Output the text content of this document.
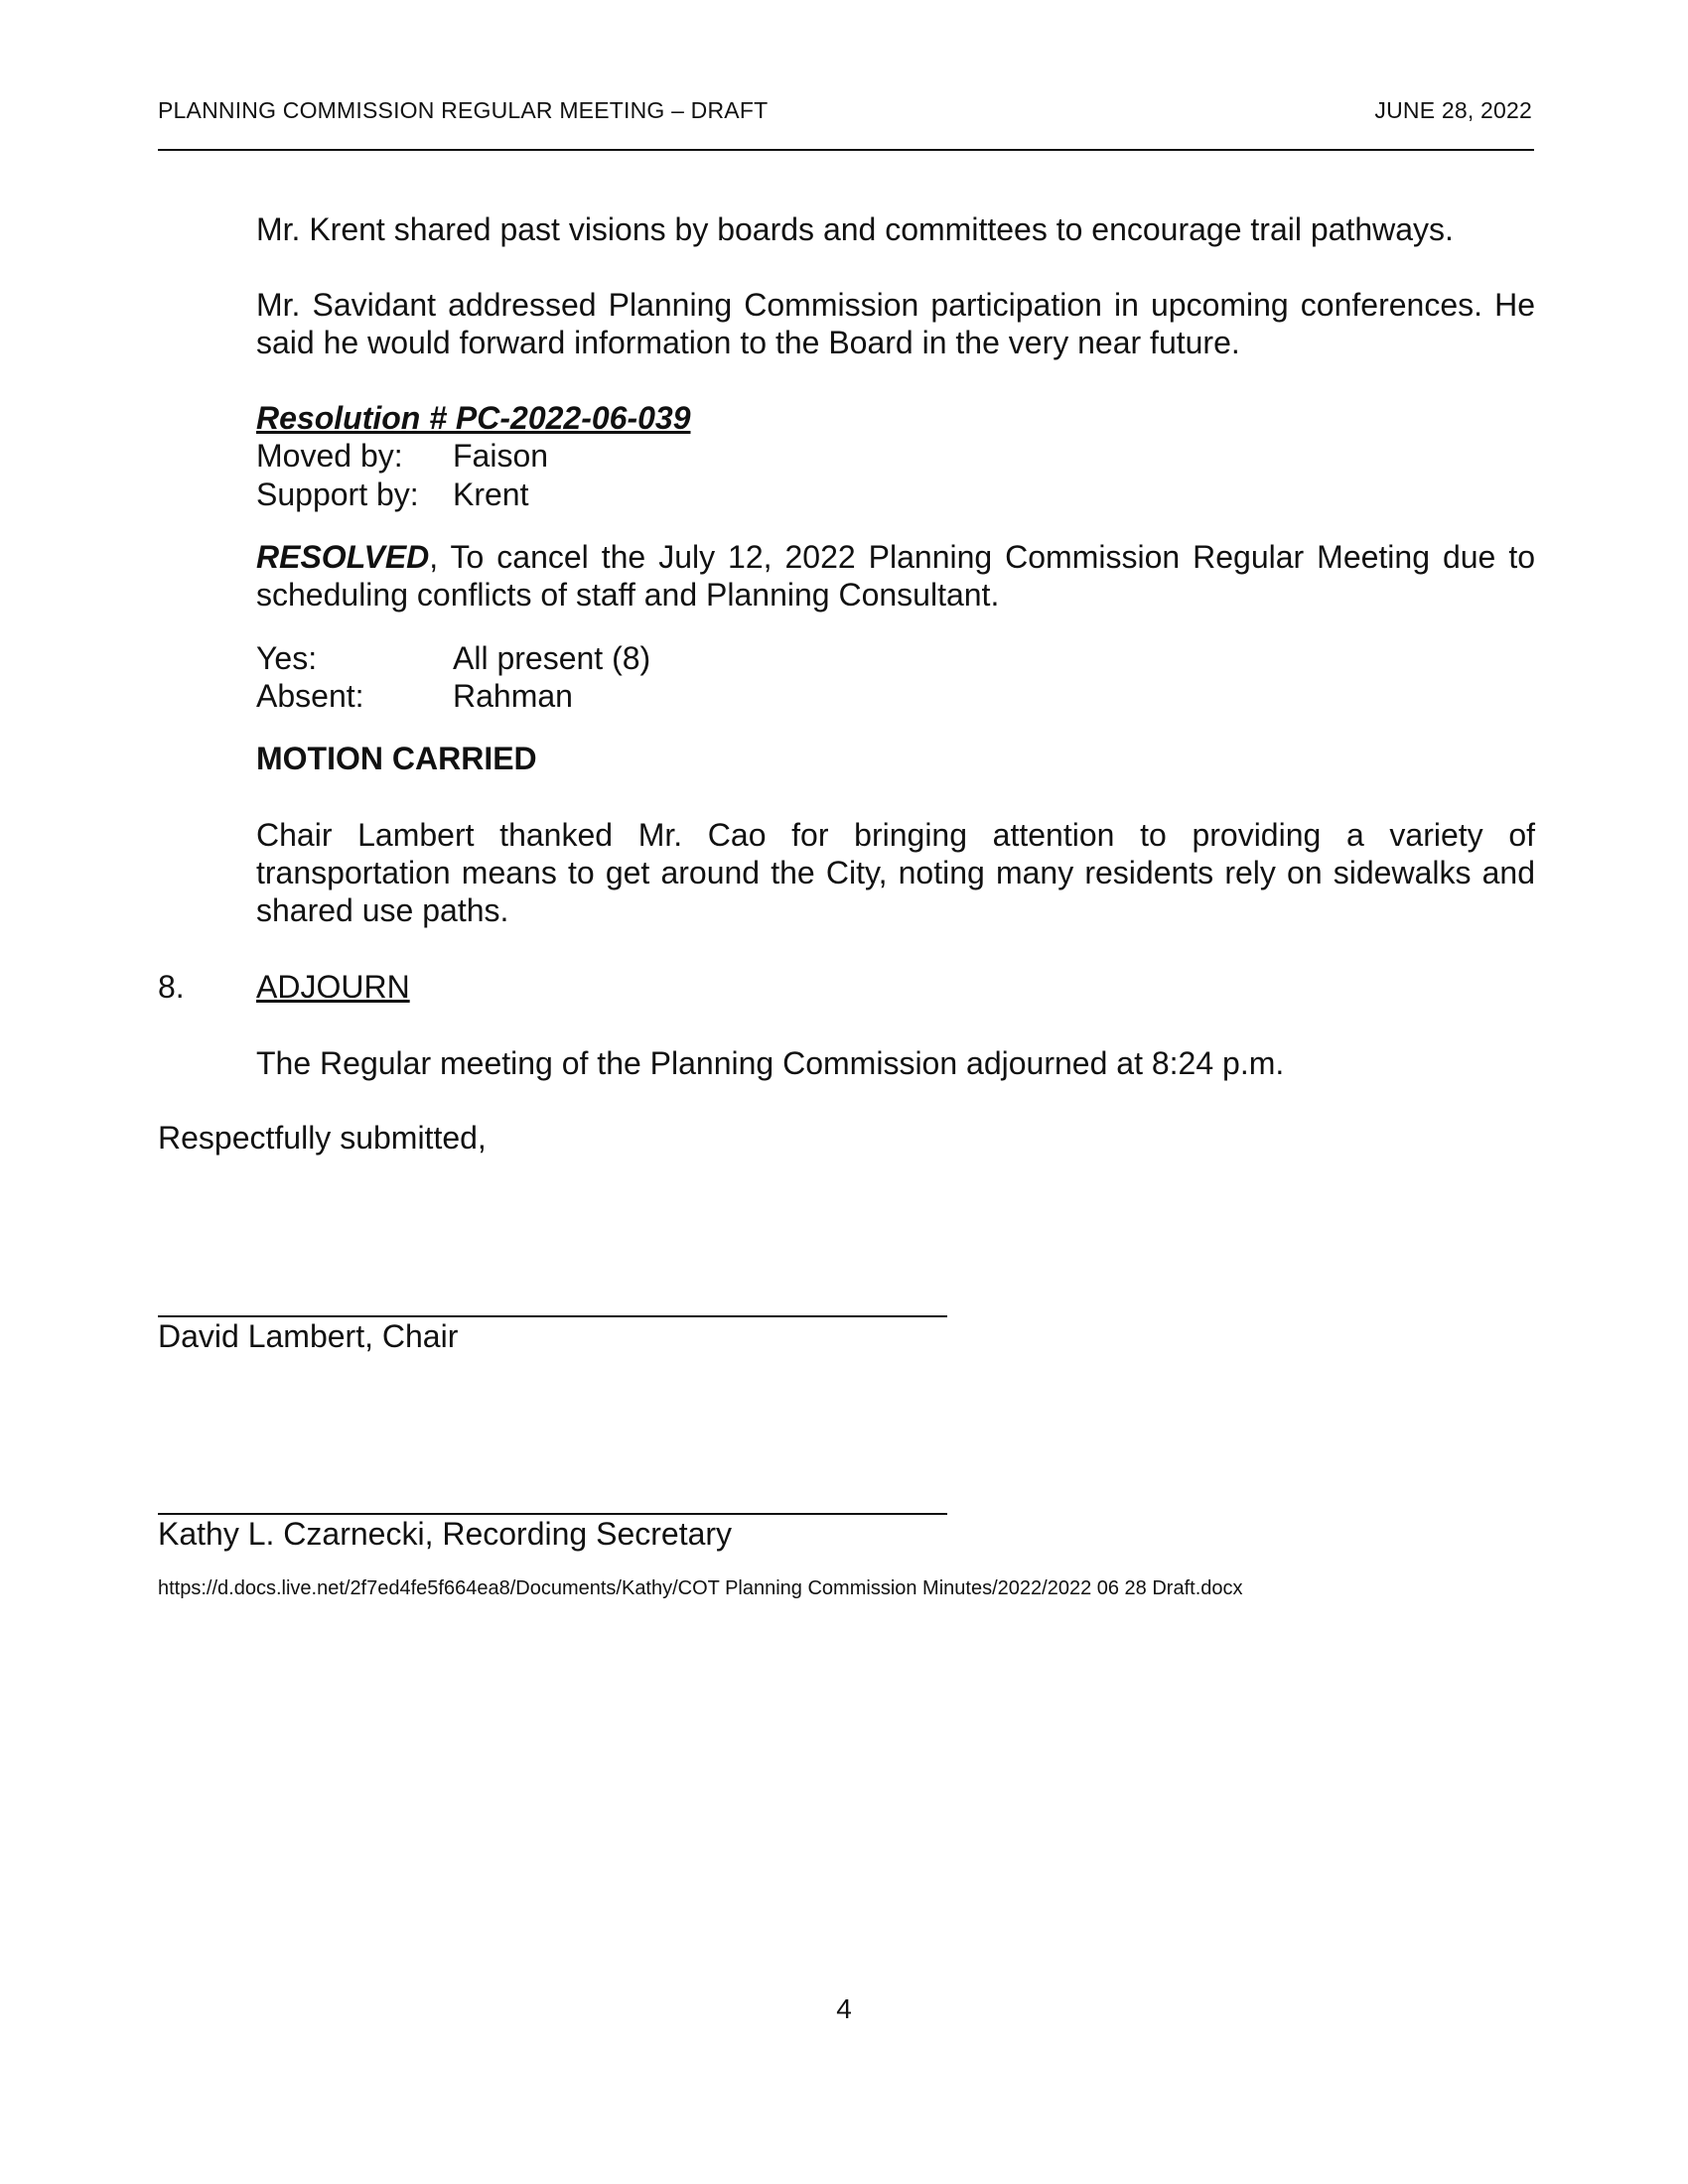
PLANNING COMMISSION REGULAR MEETING – DRAFT	JUNE 28, 2022
Mr. Krent shared past visions by boards and committees to encourage trail pathways.
Mr. Savidant addressed Planning Commission participation in upcoming conferences. He said he would forward information to the Board in the very near future.
Resolution # PC-2022-06-039
Moved by: Faison
Support by: Krent
RESOLVED, To cancel the July 12, 2022 Planning Commission Regular Meeting due to scheduling conflicts of staff and Planning Consultant.
Yes:	All present (8)
Absent:	Rahman
MOTION CARRIED
Chair Lambert thanked Mr. Cao for bringing attention to providing a variety of transportation means to get around the City, noting many residents rely on sidewalks and shared use paths.
8. ADJOURN
The Regular meeting of the Planning Commission adjourned at 8:24 p.m.
Respectfully submitted,
David Lambert, Chair
Kathy L. Czarnecki, Recording Secretary
https://d.docs.live.net/2f7ed4fe5f664ea8/Documents/Kathy/COT Planning Commission Minutes/2022/2022 06 28 Draft.docx
4
